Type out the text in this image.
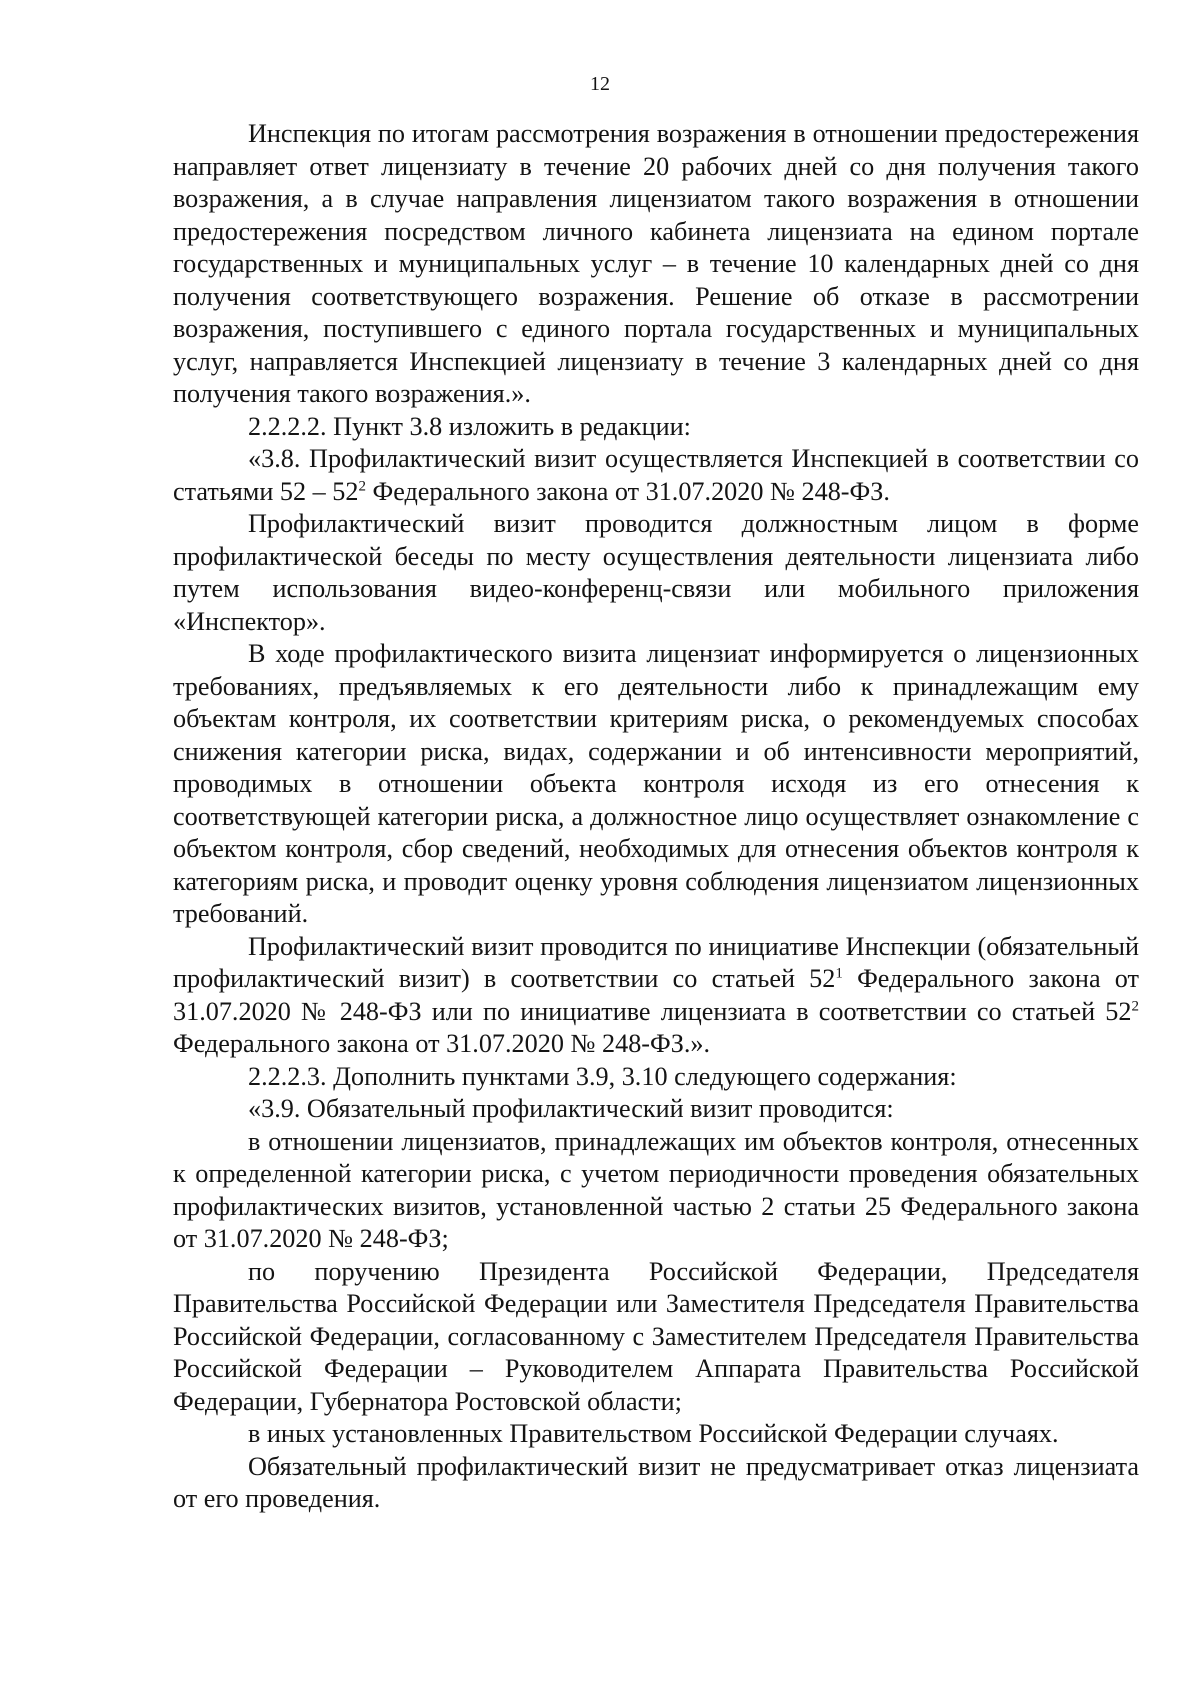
12

Инспекция по итогам рассмотрения возражения в отношении предостережения направляет ответ лицензиату в течение 20 рабочих дней со дня получения такого возражения, а в случае направления лицензиатом такого возражения в отношении предостережения посредством личного кабинета лицензиата на едином портале государственных и муниципальных услуг – в течение 10 календарных дней со дня получения соответствующего возражения. Решение об отказе в рассмотрении возражения, поступившего с единого портала государственных и муниципальных услуг, направляется Инспекцией лицензиату в течение 3 календарных дней со дня получения такого возражения.».

2.2.2.2. Пункт 3.8 изложить в редакции:

«3.8. Профилактический визит осуществляется Инспекцией в соответствии со статьями $52 - 52^2$ Федерального закона от 31.07.2020 № 248-ФЗ.

Профилактический визит проводится должностным лицом в форме профилактической беседы по месту осуществления деятельности лицензиата либо путем использования видео-конференц-связи или мобильного приложения «Инспектор».

В ходе профилактического визита лицензиат информируется о лицензионных требованиях, предъявляемых к его деятельности либо к принадлежащим ему объектам контроля, их соответствии критериям риска, о рекомендуемых способах снижения категории риска, видах, содержании и об интенсивности мероприятий, проводимых в отношении объекта контроля исходя из его отнесения к соответствующей категории риска, а должностное лицо осуществляет ознакомление с объектом контроля, сбор сведений, необходимых для отнесения объектов контроля к категориям риска, и проводит оценку уровня соблюдения лицензиатом лицензионных требований.

Профилактический визит проводится по инициативе Инспекции (обязательный профилактический визит) в соответствии со статьей $52^1$ Федерального закона от 31.07.2020 № 248-ФЗ или по инициативе лицензиата в соответствии со статьей $52^2$ Федерального закона от 31.07.2020 № 248-ФЗ.».

2.2.2.3. Дополнить пунктами 3.9, 3.10 следующего содержания:

«3.9. Обязательный профилактический визит проводится:

в отношении лицензиатов, принадлежащих им объектов контроля, отнесенных к определенной категории риска, с учетом периодичности проведения обязательных профилактических визитов, установленной частью 2 статьи 25 Федерального закона от 31.07.2020 № 248-ФЗ;

по поручению Президента Российской Федерации, Председателя Правительства Российской Федерации или Заместителя Председателя Правительства Российской Федерации, согласованному с Заместителем Председателя Правительства Российской Федерации – Руководителем Аппарата Правительства Российской Федерации, Губернатора Ростовской области;

в иных установленных Правительством Российской Федерации случаях.

Обязательный профилактический визит не предусматривает отказ лицензиата от его проведения.
